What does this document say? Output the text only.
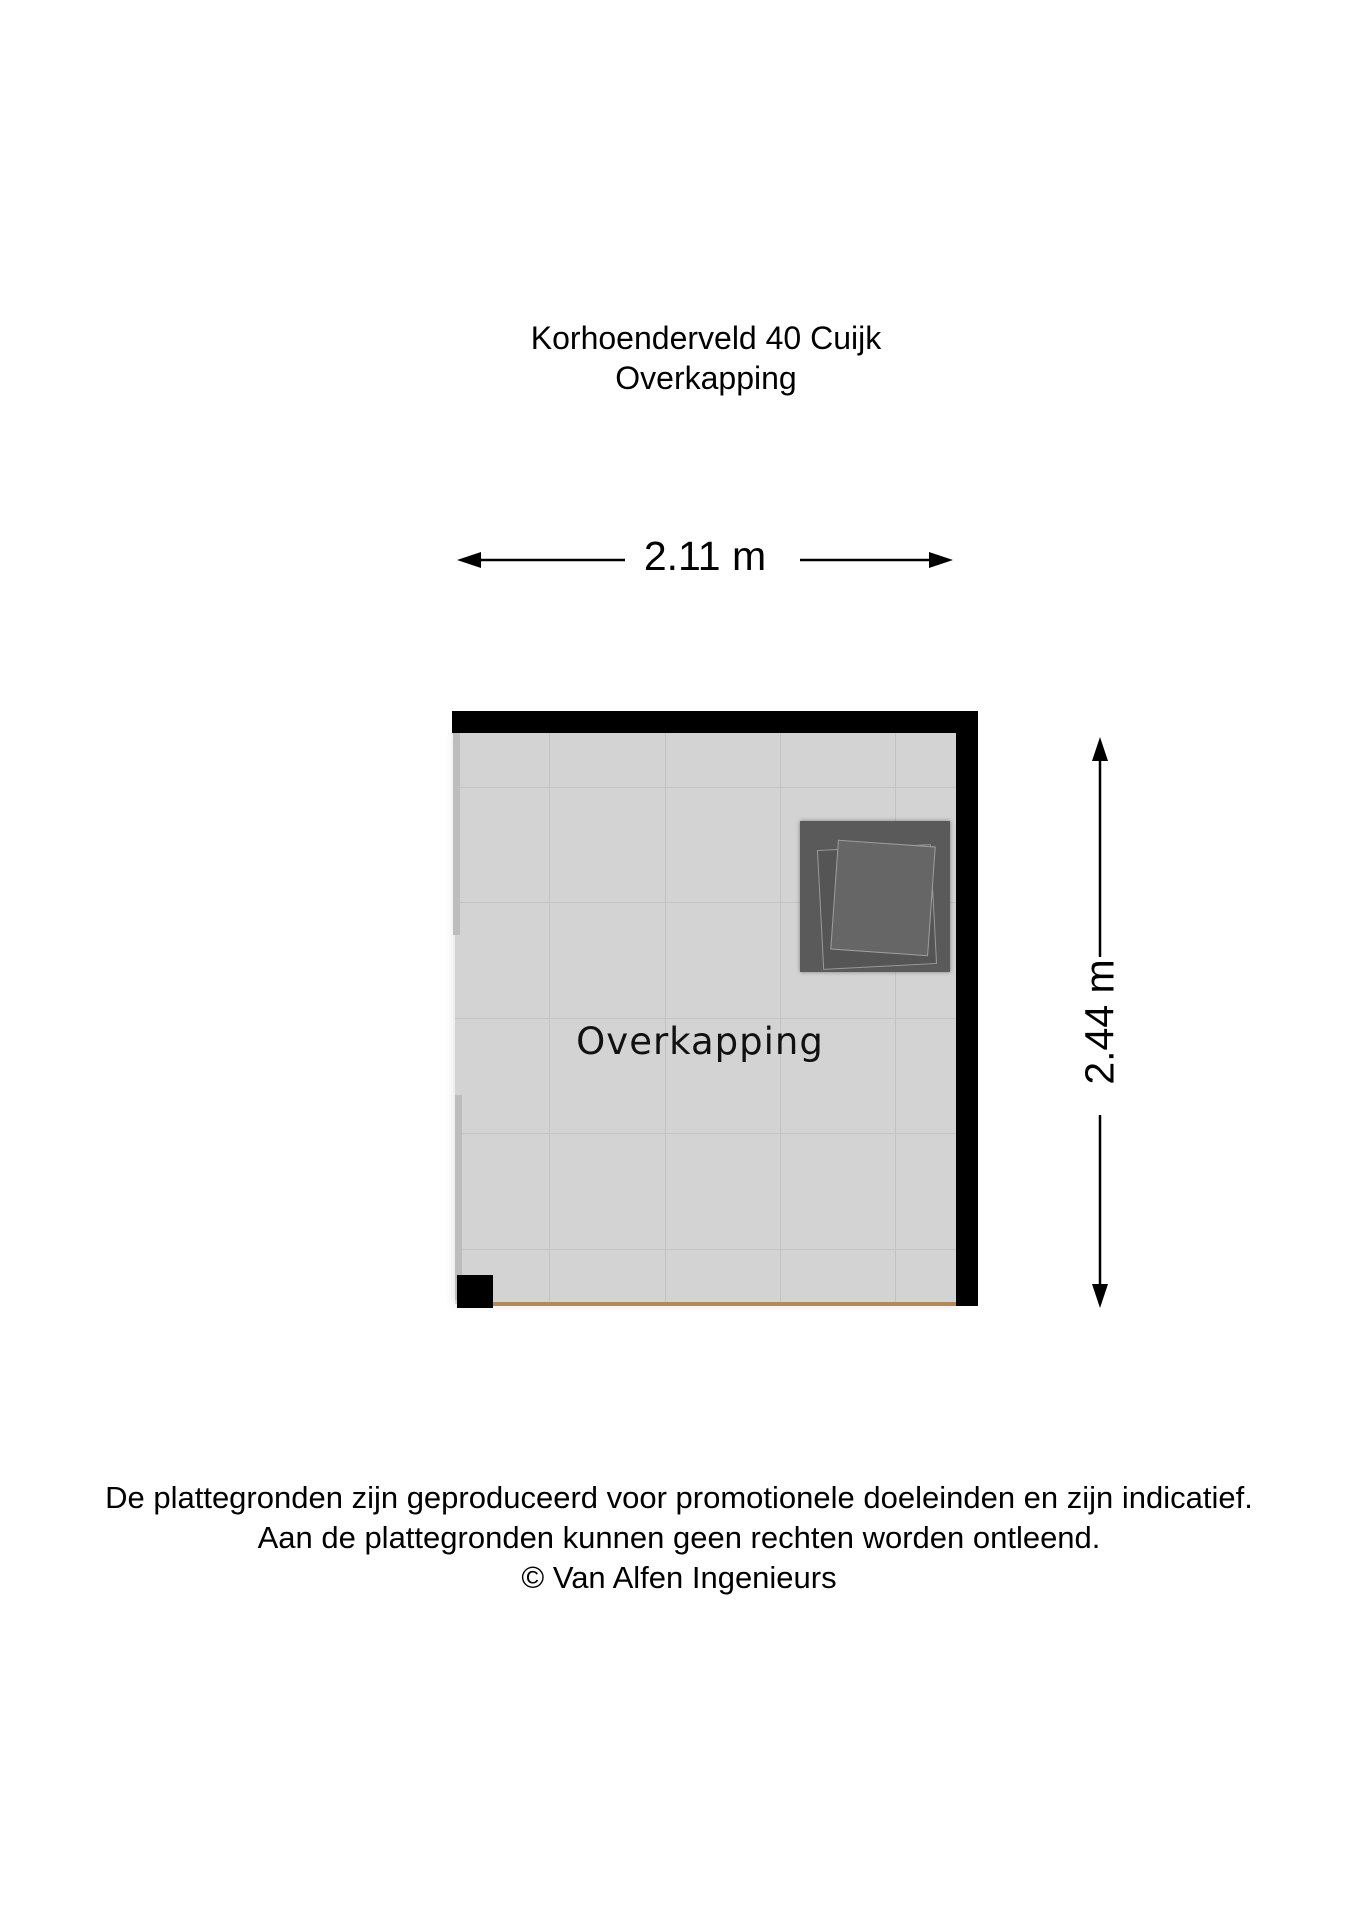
Korhoenderveld 40 Cuijk
Overkapping
2.11 m
2.44 m
Overkapping
De plattegronden zijn geproduceerd voor promotionele doeleinden en zijn indicatief.
Aan de plattegronden kunnen geen rechten worden ontleend.
© Van Alfen Ingenieurs
